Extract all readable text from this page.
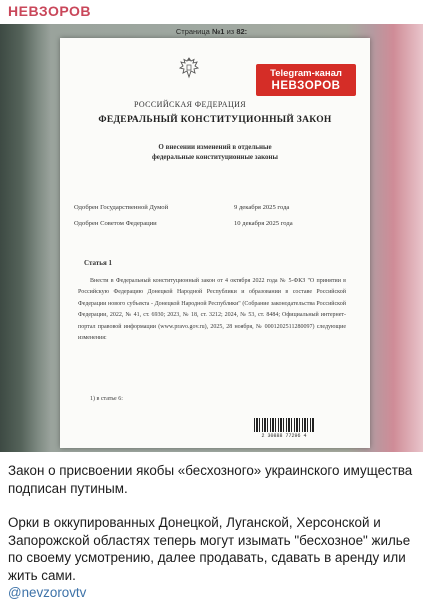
НЕВЗОРОВ
Страница №1 из 82:
Telegram-канал
НЕВЗОРОВ
РОССИЙСКАЯ ФЕДЕРАЦИЯ
ФЕДЕРАЛЬНЫЙ КОНСТИТУЦИОННЫЙ ЗАКОН
О внесении изменений в отдельные
федеральные конституционные законы
Одобрен Государственной Думой	9 декабря 2025 года
Одобрен Советом Федерации	10 декабря 2025 года
Статья 1

Внести в Федеральный конституционный закон от 4 октября 2022 года № 5-ФКЗ "О принятии в Российскую Федерацию Донецкой Народной Республики и образовании в составе Российской Федерации нового субъекта - Донецкой Народной Республики" (Собрание законодательства Российской Федерации, 2022, № 41, ст. 6930; 2023, № 18, ст. 3212; 2024, № 53, ст. 8484; Официальный интернет-портал правовой информации (www.pravo.gov.ru), 2025, 28 ноября, № 0001202511280097) следующие изменения:

1) в статье 6:
2 30888 77296 4

Закон о присвоении якобы «бесхозного» украинского имущества подписан путиным.

Орки в оккупированных Донецкой, Луганской, Херсонской и Запорожской областях теперь могут изымать "бесхозное" жилье по своему усмотрению, далее продавать, сдавать в аренду или жить сами.

@nevzorovtv
